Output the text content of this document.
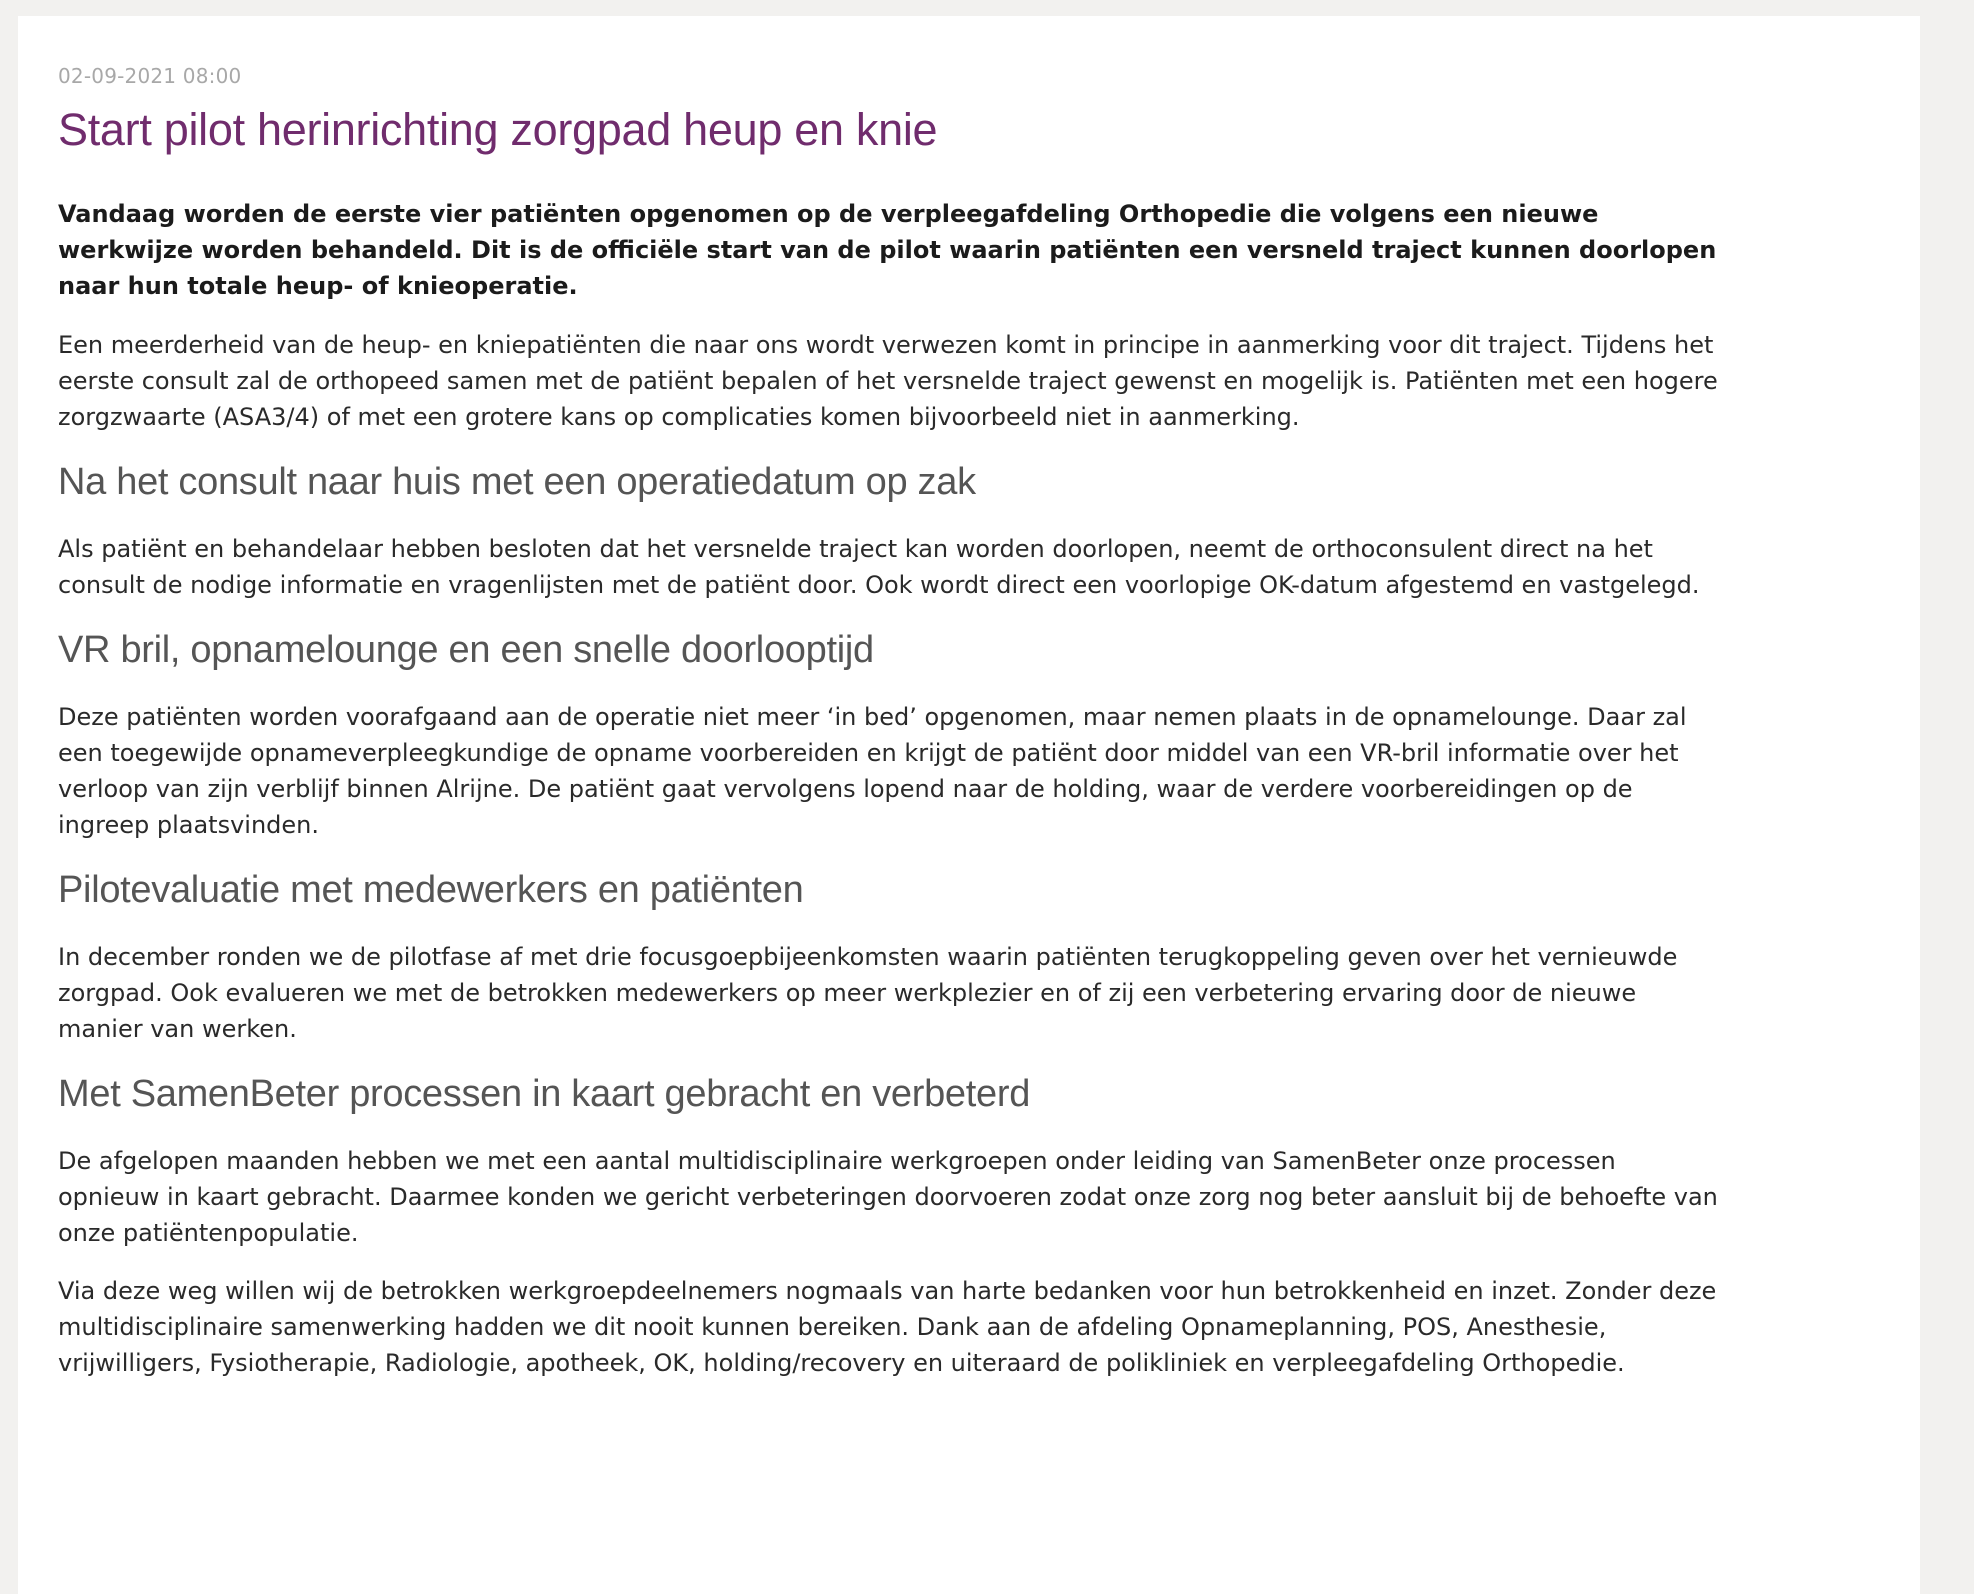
02-09-2021 08:00
Start pilot herinrichting zorgpad heup en knie

Vandaag worden de eerste vier patiënten opgenomen op de verpleegafdeling Orthopedie die volgens een nieuwe werkwijze worden behandeld. Dit is de officiële start van de pilot waarin patiënten een versneld traject kunnen doorlopen naar hun totale heup- of knieoperatie.

Een meerderheid van de heup- en kniepatiënten die naar ons wordt verwezen komt in principe in aanmerking voor dit traject. Tijdens het eerste consult zal de orthopeed samen met de patiënt bepalen of het versnelde traject gewenst en mogelijk is. Patiënten met een hogere zorgzwaarte (ASA3/4) of met een grotere kans op complicaties komen bijvoorbeeld niet in aanmerking.

Na het consult naar huis met een operatiedatum op zak

Als patiënt en behandelaar hebben besloten dat het versnelde traject kan worden doorlopen, neemt de orthoconsulent direct na het consult de nodige informatie en vragenlijsten met de patiënt door. Ook wordt direct een voorlopige OK-datum afgestemd en vastgelegd.

VR bril, opnamelounge en een snelle doorlooptijd

Deze patiënten worden voorafgaand aan de operatie niet meer ‘in bed’ opgenomen, maar nemen plaats in de opnamelounge. Daar zal een toegewijde opnameverpleegkundige de opname voorbereiden en krijgt de patiënt door middel van een VR-bril informatie over het verloop van zijn verblijf binnen Alrijne. De patiënt gaat vervolgens lopend naar de holding, waar de verdere voorbereidingen op de ingreep plaatsvinden.

Pilotevaluatie met medewerkers en patiënten

In december ronden we de pilotfase af met drie focusgoepbijeenkomsten waarin patiënten terugkoppeling geven over het vernieuwde zorgpad. Ook evalueren we met de betrokken medewerkers op meer werkplezier en of zij een verbetering ervaring door de nieuwe manier van werken.

Met SamenBeter processen in kaart gebracht en verbeterd

De afgelopen maanden hebben we met een aantal multidisciplinaire werkgroepen onder leiding van SamenBeter onze processen opnieuw in kaart gebracht. Daarmee konden we gericht verbeteringen doorvoeren zodat onze zorg nog beter aansluit bij de behoefte van onze patiëntenpopulatie.

Via deze weg willen wij de betrokken werkgroepdeelnemers nogmaals van harte bedanken voor hun betrokkenheid en inzet. Zonder deze multidisciplinaire samenwerking hadden we dit nooit kunnen bereiken. Dank aan de afdeling Opnameplanning, POS, Anesthesie, vrijwilligers, Fysiotherapie, Radiologie, apotheek, OK, holding/recovery en uiteraard de polikliniek en verpleegafdeling Orthopedie.
